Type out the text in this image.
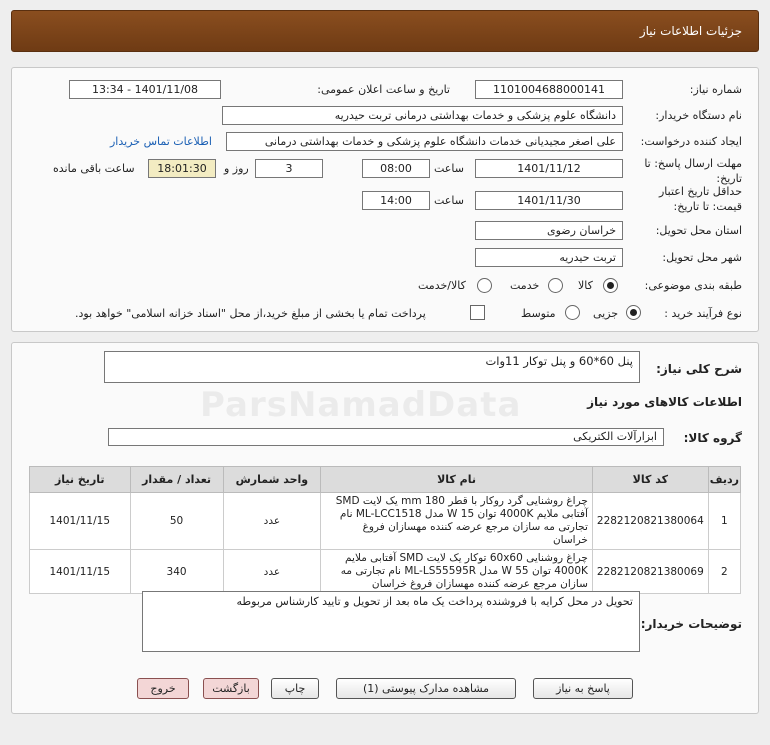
جزئیات اطلاعات نیاز
شماره نیاز:
1101004688000141
تاریخ و ساعت اعلان عمومی:
1401/11/08 - 13:34
نام دستگاه خریدار:
دانشگاه علوم پزشکی و خدمات بهداشتی درمانی تربت حیدریه
ایجاد کننده درخواست:
علی اصغر مجیدیانی خدمات دانشگاه علوم پزشکی و خدمات بهداشتی درمانی
اطلاعات تماس خریدار
مهلت ارسال پاسخ: تا تاریخ:
1401/11/12
ساعت
08:00
3
روز و
18:01:30
ساعت باقی مانده
حداقل تاریخ اعتبار قیمت: تا تاریخ:
1401/11/30
ساعت
14:00
استان محل تحویل:
خراسان رضوی
شهر محل تحویل:
تربت حیدریه
طبقه بندی موضوعی:
کالا
خدمت
کالا/خدمت
نوع فرآیند خرید :
جزیی
متوسط
پرداخت تمام یا بخشی از مبلغ خرید،از محل "اسناد خزانه اسلامی" خواهد بود.
شرح کلی نیاز:
پنل 60*60 و پنل توکار 11وات
اطلاعات کالاهای مورد نیاز
گروه کالا:
ابزارآلات الکتریکی
ردیف	کد کالا	نام کالا	واحد شمارش	تعداد / مقدار	تاریخ نیاز
1	2282120821380064	چراغ روشنایی گرد روکار با قطر 180 mm یک لایت SMD آفتابی ملایم 4000K توان 15 W مدل ML-LCC1518 نام تجارتی مه سازان مرجع عرضه کننده مهسازان فروغ خراسان	عدد	50	1401/11/15
2	2282120821380069	چراغ روشنایی 60x60 توکار یک لایت SMD آفتابی ملایم 4000K توان 55 W مدل ML-LS55595R نام تجارتی مه سازان مرجع عرضه کننده مهسازان فروغ خراسان	عدد	340	1401/11/15
توضیحات خریدار:
تحویل در محل کرایه با فروشنده پرداخت یک ماه بعد از تحویل و تایید کارشناس مربوطه
پاسخ به نیاز
مشاهده مدارک پیوستی (1)
چاپ
بازگشت
خروج
